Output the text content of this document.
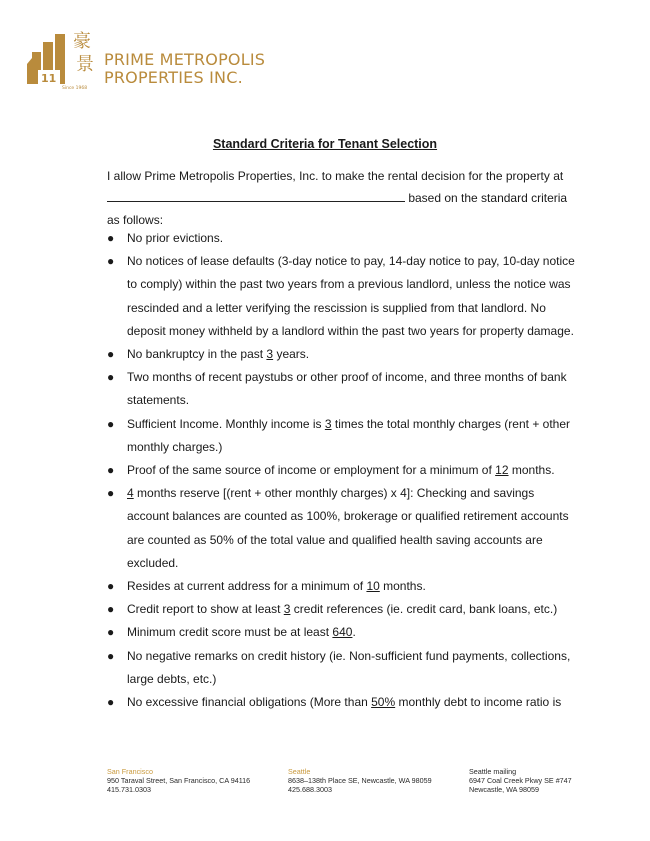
11
豪
景
Since 1968
PRIME METROPOLIS
PROPERTIES INC.
Standard Criteria for Tenant Selection
I allow Prime Metropolis Properties, Inc. to make the rental decision for the property at
based on the standard criteria
as follows:
● No prior evictions.
● No notices of lease defaults (3-day notice to pay, 14-day notice to pay, 10-day notice to comply) within the past two years from a previous landlord, unless the notice was rescinded and a letter verifying the rescission is supplied from that landlord. No deposit money withheld by a landlord within the past two years for property damage.
● No bankruptcy in the past 3 years.
● Two months of recent paystubs or other proof of income, and three months of bank statements.
● Sufficient Income. Monthly income is 3 times the total monthly charges (rent + other monthly charges.)
● Proof of the same source of income or employment for a minimum of 12 months.
● 4 months reserve [(rent + other monthly charges) x 4]: Checking and savings account balances are counted as 100%, brokerage or qualified retirement accounts are counted as 50% of the total value and qualified health saving accounts are excluded.
● Resides at current address for a minimum of 10 months.
● Credit report to show at least 3 credit references (ie. credit card, bank loans, etc.)
● Minimum credit score must be at least 640.
● No negative remarks on credit history (ie. Non-sufficient fund payments, collections, large debts, etc.)
● No excessive financial obligations (More than 50% monthly debt to income ratio is
San Francisco
950 Taraval Street, San Francisco, CA 94116
415.731.0303
Seattle
8638–138th Place SE, Newcastle, WA 98059
425.688.3003
Seattle mailing
6947 Coal Creek Pkwy SE #747
Newcastle, WA 98059
